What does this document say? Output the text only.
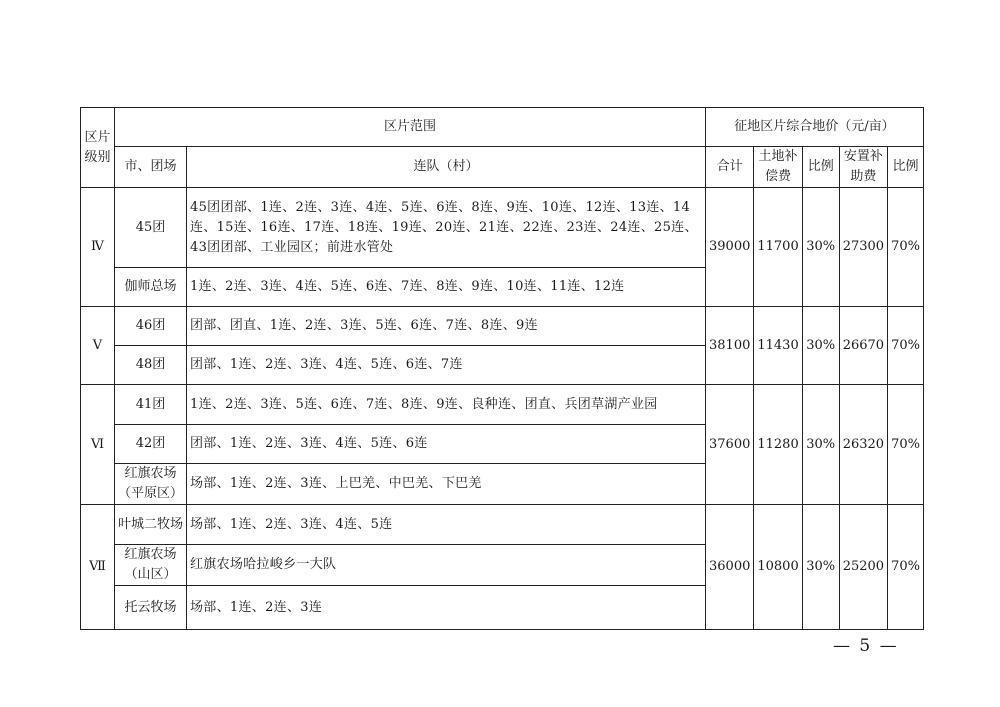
区片级别	区片范围		征地区片综合地价（元/亩）				
	市、团场	连队（村）	合计	土地补偿费	比例	安置补助费	比例
Ⅳ	45团	45团团部、1连、2连、3连、4连、5连、6连、8连、9连、10连、12连、13连、14连、15连、16连、17连、18连、19连、20连、21连、22连、23连、24连、25连、43团团部、工业园区；前进水管处	39000	11700	30%	27300	70%
	伽师总场	1连、2连、3连、4连、5连、6连、7连、8连、9连、10连、11连、12连					
Ⅴ	46团	团部、团直、1连、2连、3连、5连、6连、7连、8连、9连	38100	11430	30%	26670	70%
	48团	团部、1连、2连、3连、4连、5连、6连、7连					
Ⅵ	41团	1连、2连、3连、5连、6连、7连、8连、9连、良种连、团直、兵团草湖产业园	37600	11280	30%	26320	70%
	42团	团部、1连、2连、3连、4连、5连、6连					
	红旗农场（平原区）	场部、1连、2连、3连、上巴羌、中巴羌、下巴羌					
Ⅶ	叶城二牧场	场部、1连、2连、3连、4连、5连	36000	10800	30%	25200	70%
	红旗农场（山区）	红旗农场哈拉峻乡一大队					
	托云牧场	场部、1连、2连、3连					
— 5 —
